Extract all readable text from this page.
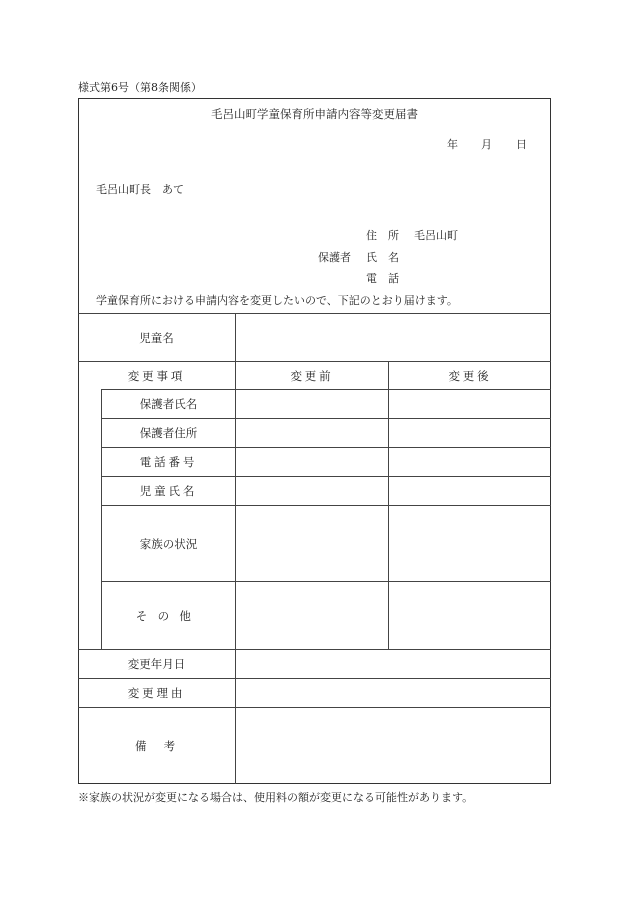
様式第6号（第8条関係）
毛呂山町学童保育所申請内容等変更届書
年 月 日
毛呂山町長　あて
住　所 毛呂山町
保護者 氏　名
電　話
学童保育所における申請内容を変更したいので、下記のとおり届けます。
児童名
変更事項	変更前	変更後
保護者氏名
保護者住所
電話番号
児童氏名
家族の状況
その他
変更年月日
変更理由
備　考
※家族の状況が変更になる場合は、使用料の額が変更になる可能性があります。
